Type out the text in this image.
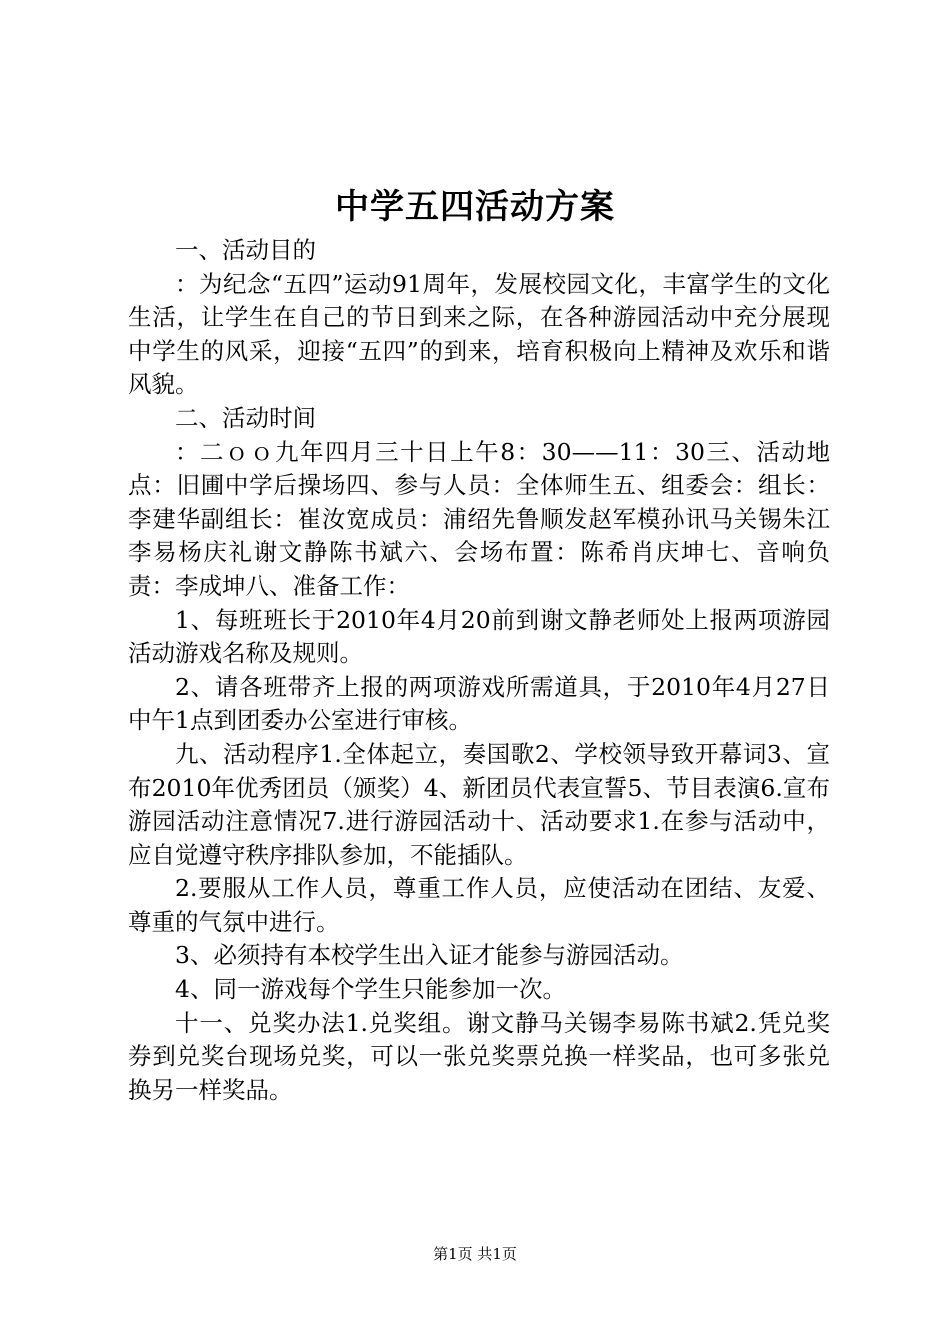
中学五四活动方案

一、活动目的

：为纪念“五四”运动91周年，发展校园文化，丰富学生的文化生活，让学生在自己的节日到来之际，在各种游园活动中充分展现中学生的风采，迎接“五四”的到来，培育积极向上精神及欢乐和谐风貌。

二、活动时间

：二ｏｏ九年四月三十日上午8：30——11：30三、活动地点：旧圃中学后操场四、参与人员：全体师生五、组委会：组长：李建华副组长：崔汝宽成员：浦绍先鲁顺发赵军模孙讯马关锡朱江李易杨庆礼谢文静陈书斌六、会场布置：陈希肖庆坤七、音响负责：李成坤八、准备工作：

1、每班班长于2010年4月20前到谢文静老师处上报两项游园活动游戏名称及规则。

2、请各班带齐上报的两项游戏所需道具，于2010年4月27日中午1点到团委办公室进行审核。

九、活动程序1.全体起立，奏国歌2、学校领导致开幕词3、宣布2010年优秀团员（颁奖）4、新团员代表宣誓5、节目表演6.宣布游园活动注意情况7.进行游园活动十、活动要求1.在参与活动中，应自觉遵守秩序排队参加，不能插队。

2.要服从工作人员，尊重工作人员，应使活动在团结、友爱、尊重的气氛中进行。

3、必须持有本校学生出入证才能参与游园活动。

4、同一游戏每个学生只能参加一次。

十一、兑奖办法1.兑奖组。谢文静马关锡李易陈书斌2.凭兑奖券到兑奖台现场兑奖，可以一张兑奖票兑换一样奖品，也可多张兑换另一样奖品。

第1页 共1页
